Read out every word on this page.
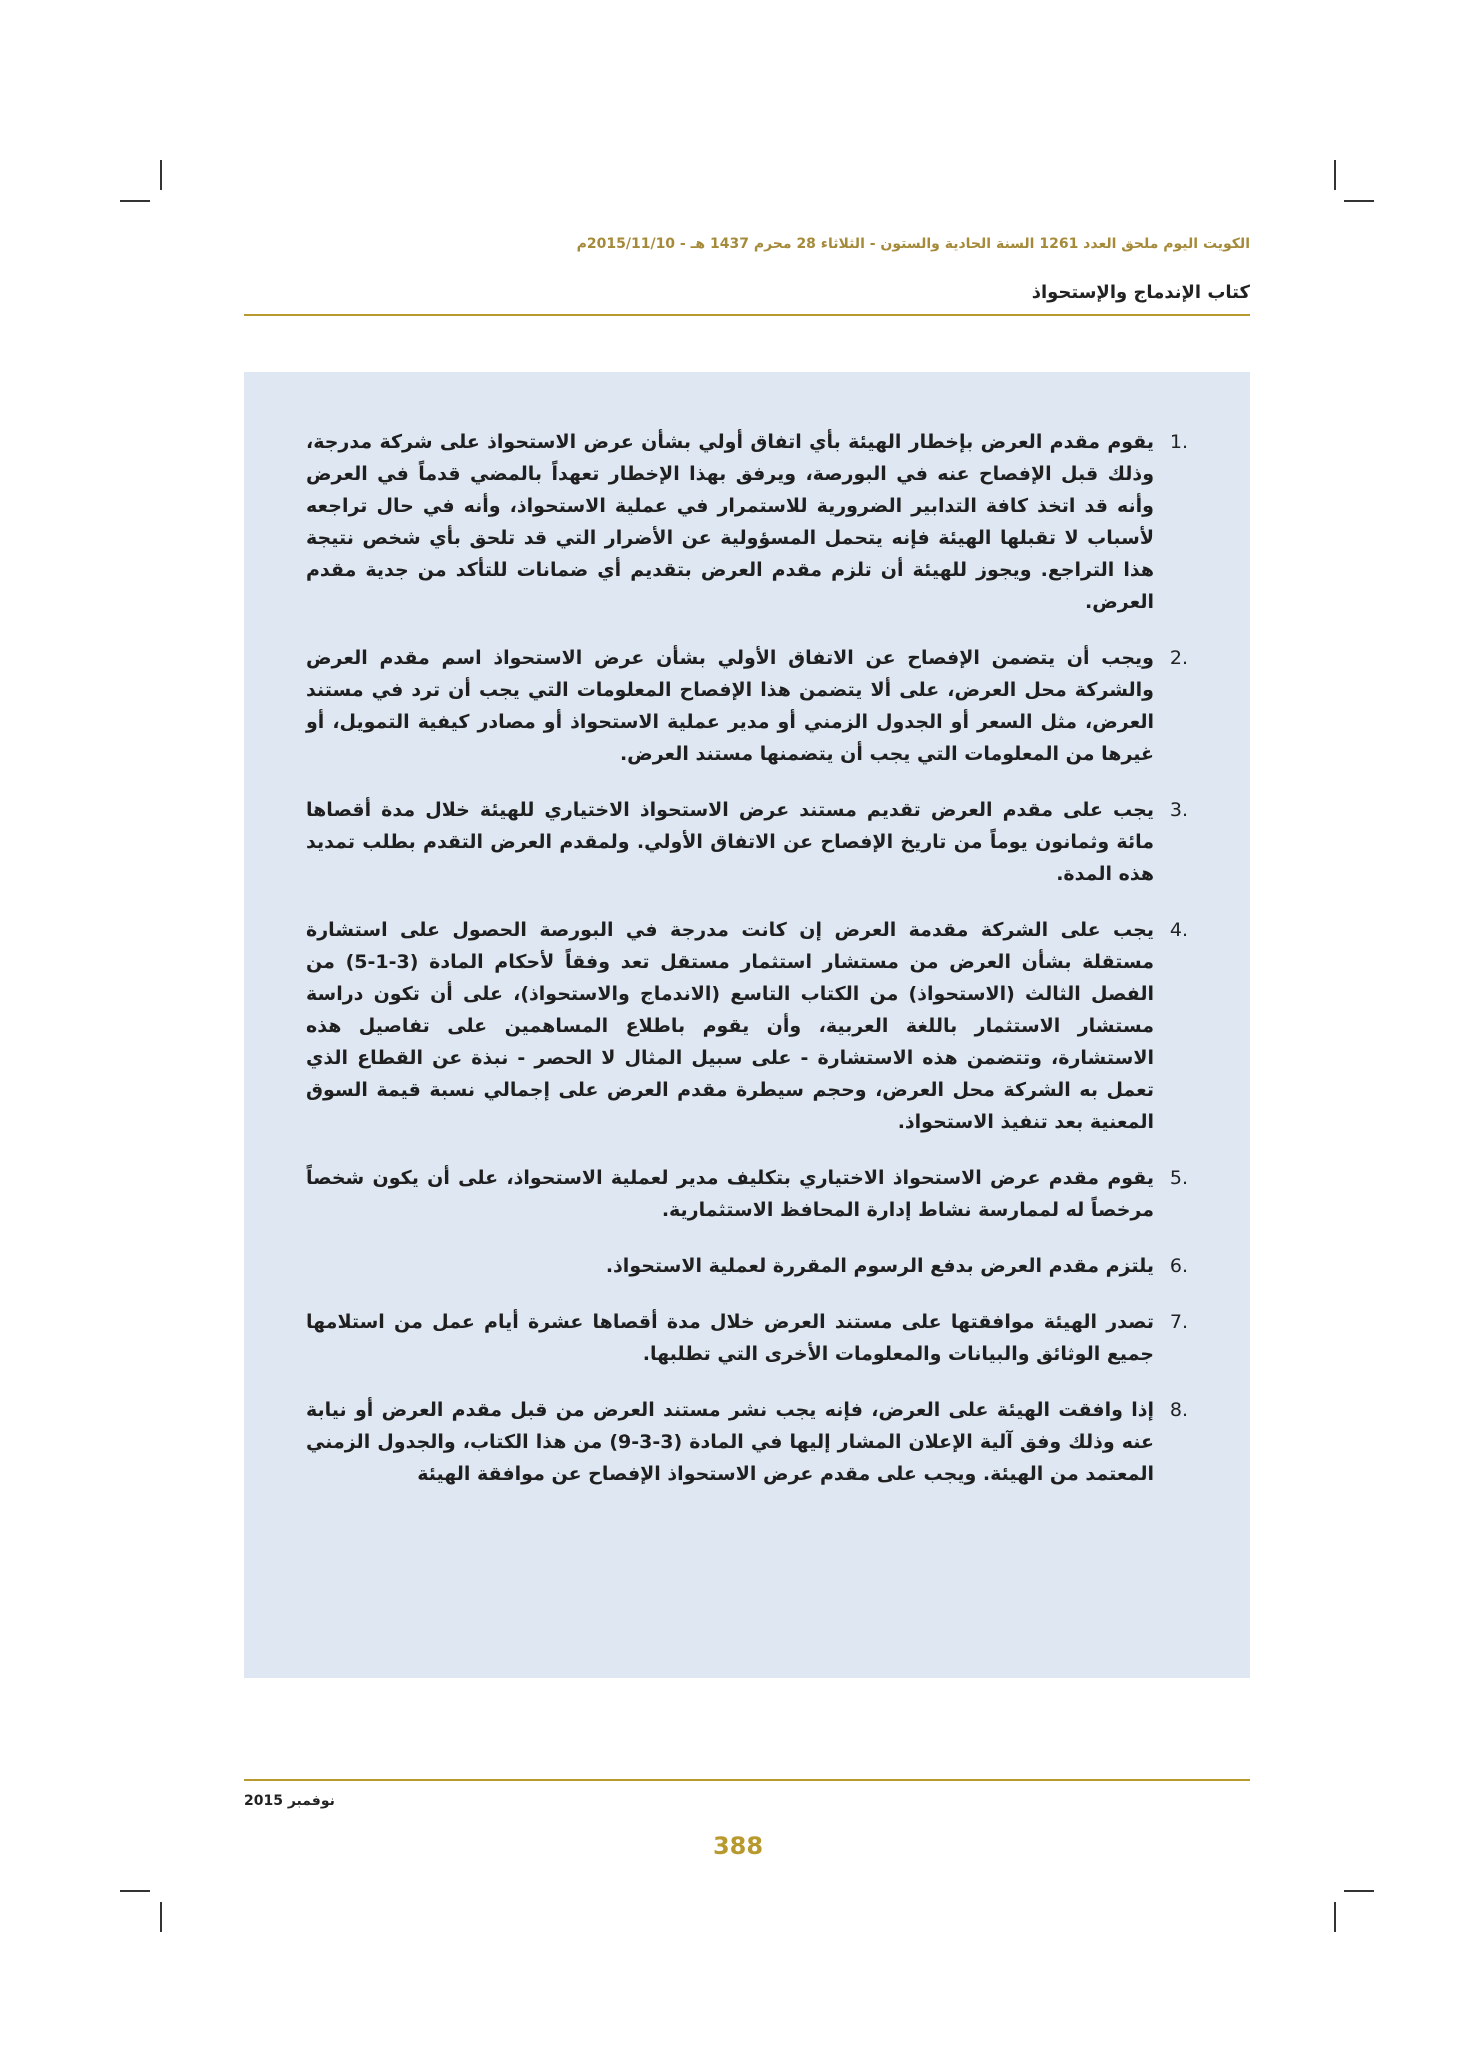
الكويت اليوم ملحق العدد 1261 السنة الحادية والستون - الثلاثاء 28 محرم 1437 هـ - 2015/11/10م
كتاب الإندماج والإستحواذ
.1
يقوم مقدم العرض بإخطار الهيئة بأي اتفاق أولي بشأن عرض الاستحواذ على شركة مدرجة، وذلك قبل الإفصاح عنه في البورصة، ويرفق بهذا الإخطار تعهداً بالمضي قدماً في العرض وأنه قد اتخذ كافة التدابير الضرورية للاستمرار في عملية الاستحواذ، وأنه في حال تراجعه لأسباب لا تقبلها الهيئة فإنه يتحمل المسؤولية عن الأضرار التي قد تلحق بأي شخص نتيجة هذا التراجع. ويجوز للهيئة أن تلزم مقدم العرض بتقديم أي ضمانات للتأكد من جدية مقدم العرض.
.2
ويجب أن يتضمن الإفصاح عن الاتفاق الأولي بشأن عرض الاستحواذ اسم مقدم العرض والشركة محل العرض، على ألا يتضمن هذا الإفصاح المعلومات التي يجب أن ترد في مستند العرض، مثل السعر أو الجدول الزمني أو مدير عملية الاستحواذ أو مصادر كيفية التمويل، أو غيرها من المعلومات التي يجب أن يتضمنها مستند العرض.
.3
يجب على مقدم العرض تقديم مستند عرض الاستحواذ الاختياري للهيئة خلال مدة أقصاها مائة وثمانون يوماً من تاريخ الإفصاح عن الاتفاق الأولي. ولمقدم العرض التقدم بطلب تمديد هذه المدة.
.4
يجب على الشركة مقدمة العرض إن كانت مدرجة في البورصة الحصول على استشارة مستقلة بشأن العرض من مستشار استثمار مستقل تعد وفقاً لأحكام المادة (3-1-5) من الفصل الثالث (الاستحواذ) من الكتاب التاسع (الاندماج والاستحواذ)، على أن تكون دراسة مستشار الاستثمار باللغة العربية، وأن يقوم باطلاع المساهمين على تفاصيل هذه الاستشارة، وتتضمن هذه الاستشارة - على سبيل المثال لا الحصر - نبذة عن القطاع الذي تعمل به الشركة محل العرض، وحجم سيطرة مقدم العرض على إجمالي نسبة قيمة السوق المعنية بعد تنفيذ الاستحواذ.
.5
يقوم مقدم عرض الاستحواذ الاختياري بتكليف مدير لعملية الاستحواذ، على أن يكون شخصاً مرخصاً له لممارسة نشاط إدارة المحافظ الاستثمارية.
.6
يلتزم مقدم العرض بدفع الرسوم المقررة لعملية الاستحواذ.
.7
تصدر الهيئة موافقتها على مستند العرض خلال مدة أقصاها عشرة أيام عمل من استلامها جميع الوثائق والبيانات والمعلومات الأخرى التي تطلبها.
.8
إذا وافقت الهيئة على العرض، فإنه يجب نشر مستند العرض من قبل مقدم العرض أو نيابة عنه وذلك وفق آلية الإعلان المشار إليها في المادة (3-3-9) من هذا الكتاب، والجدول الزمني المعتمد من الهيئة. ويجب على مقدم عرض الاستحواذ الإفصاح عن موافقة الهيئة
نوفمبر 2015
388
